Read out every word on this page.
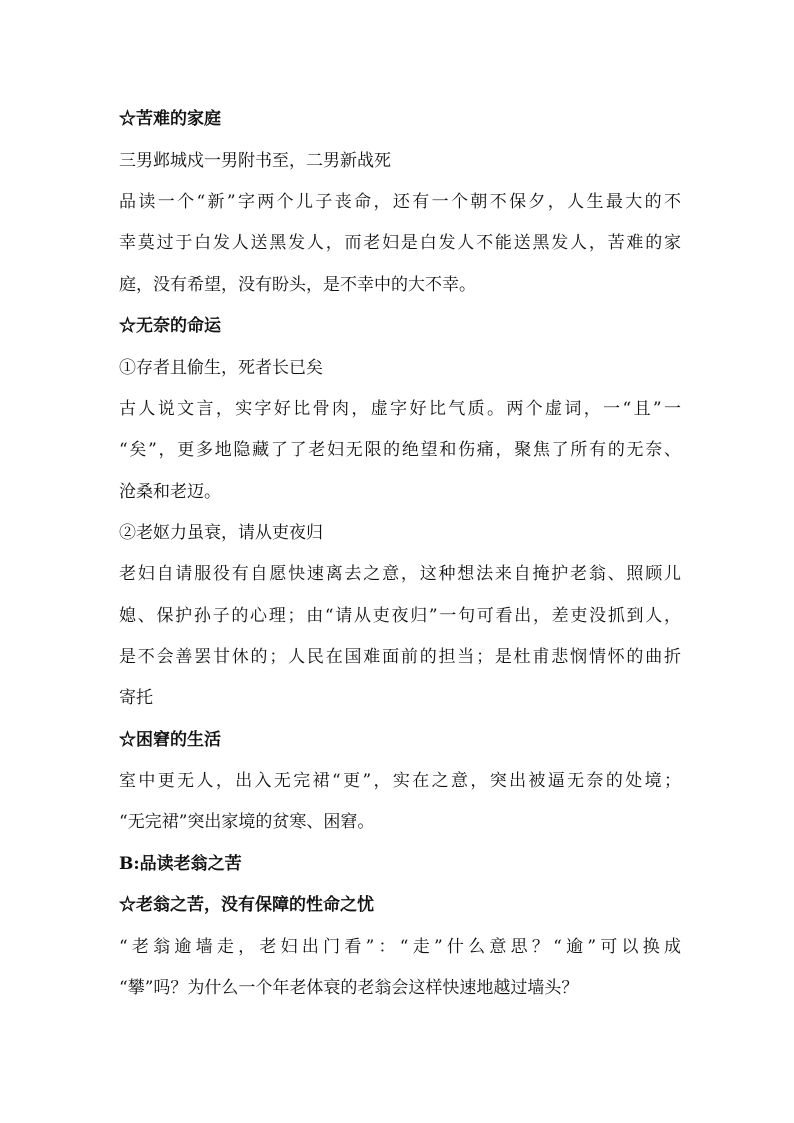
☆苦难的家庭

三男邺城戍一男附书至，二男新战死

品读一个“新”字两个儿子丧命，还有一个朝不保夕，人生最大的不

幸莫过于白发人送黑发人，而老妇是白发人不能送黑发人，苦难的家

庭，没有希望，没有盼头，是不幸中的大不幸。

☆无奈的命运

①存者且偷生，死者长已矣

古人说文言，实字好比骨肉，虚字好比气质。两个虚词，一“且”一

“矣”，更多地隐藏了了老妇无限的绝望和伤痛，聚焦了所有的无奈、

沧桑和老迈。

②老妪力虽衰，请从吏夜归

老妇自请服役有自愿快速离去之意，这种想法来自掩护老翁、照顾儿

媳、保护孙子的心理；由“请从吏夜归”一句可看出，差吏没抓到人，

是不会善罢甘休的；人民在国难面前的担当；是杜甫悲悯情怀的曲折

寄托

☆困窘的生活

室中更无人，出入无完裙“更”，实在之意，突出被逼无奈的处境；

“无完裙”突出家境的贫寒、困窘。

B:品读老翁之苦

☆老翁之苦，没有保障的性命之忧

“老翁逾墙走，老妇出门看”：“走”什么意思？“逾”可以换成

“攀”吗？为什么一个年老体衰的老翁会这样快速地越过墙头？
